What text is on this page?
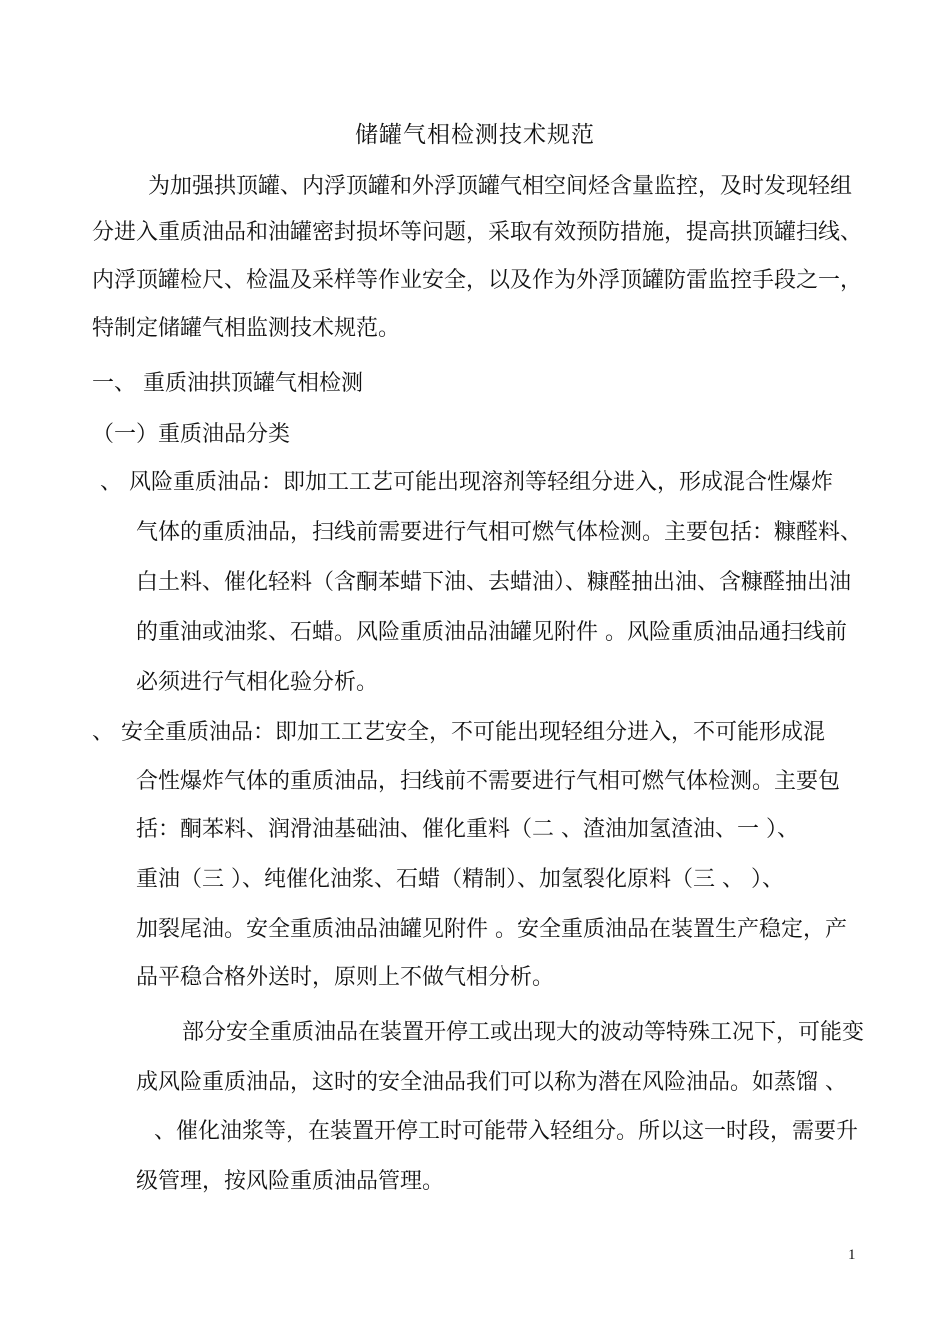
储罐气相检测技术规范
为加强拱顶罐、内浮顶罐和外浮顶罐气相空间烃含量监控，及时发现轻组
分进入重质油品和油罐密封损坏等问题，采取有效预防措施，提高拱顶罐扫线、
内浮顶罐检尺、检温及采样等作业安全，以及作为外浮顶罐防雷监控手段之一，
特制定储罐气相监测技术规范。
一、 重质油拱顶罐气相检测
（一）重质油品分类
、 风险重质油品：即加工工艺可能出现溶剂等轻组分进入，形成混合性爆炸
气体的重质油品，扫线前需要进行气相可燃气体检测。主要包括：糠醛料、
白土料、催化轻料（含酮苯蜡下油、去蜡油）、糠醛抽出油、含糠醛抽出油
的重油或油浆、石蜡。风险重质油品油罐见附件 。风险重质油品通扫线前
必须进行气相化验分析。
、 安全重质油品：即加工工艺安全，不可能出现轻组分进入，不可能形成混
合性爆炸气体的重质油品，扫线前不需要进行气相可燃气体检测。主要包
括：酮苯料、润滑油基础油、催化重料（二 、渣油加氢渣油、一 ）、
重油（三 ）、纯催化油浆、石蜡（精制）、加氢裂化原料（三 、 ）、
加裂尾油。安全重质油品油罐见附件 。安全重质油品在装置生产稳定，产
品平稳合格外送时，原则上不做气相分析。
部分安全重质油品在装置开停工或出现大的波动等特殊工况下，可能变
成风险重质油品，这时的安全油品我们可以称为潜在风险油品。如蒸馏 、
、催化油浆等，在装置开停工时可能带入轻组分。所以这一时段，需要升
级管理，按风险重质油品管理。
1
